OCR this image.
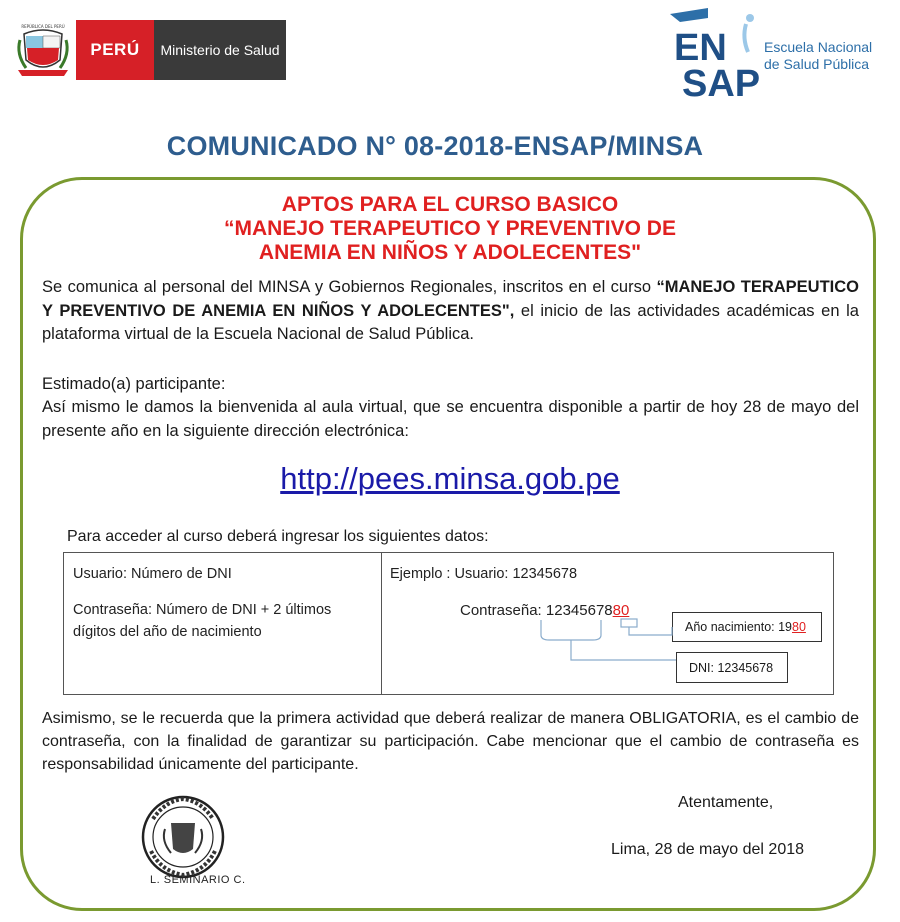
REPÚBLICA DEL PERÚ
PERÚ	Ministerio de Salud	EN
SAP
Escuela Nacional
de Salud Pública
COMUNICADO N° 08-2018-ENSAP/MINSA
APTOS PARA EL CURSO BASICO
“MANEJO TERAPEUTICO Y PREVENTIVO DE
ANEMIA EN NIÑOS Y ADOLECENTES"
Se comunica al personal del MINSA y Gobiernos Regionales, inscritos en el curso “MANEJO TERAPEUTICO Y PREVENTIVO DE ANEMIA EN NIÑOS Y ADOLECENTES", el inicio de las actividades académicas en la plataforma virtual de la Escuela Nacional de Salud Pública.
Estimado(a) participante:
Así mismo le damos la bienvenida al aula virtual, que se encuentra disponible a partir de hoy 28 de mayo del presente año en la siguiente dirección electrónica:
http://pees.minsa.gob.pe
Para acceder al curso deberá ingresar los siguientes datos:
Usuario: Número de DNI
Contraseña: Número de DNI + 2 últimos
dígitos del año de nacimiento
Ejemplo : Usuario: 12345678
Contraseña: 1234567880
Año nacimiento: 19 80
DNI: 12345678
Asimismo, se le recuerda que la primera actividad que deberá realizar de manera OBLIGATORIA, es el cambio de contraseña, con la finalidad de garantizar su participación. Cabe mencionar que el cambio de contraseña es responsabilidad únicamente del participante.
L. SEMINARIO C.
Atentamente,
Lima, 28 de mayo del 2018
